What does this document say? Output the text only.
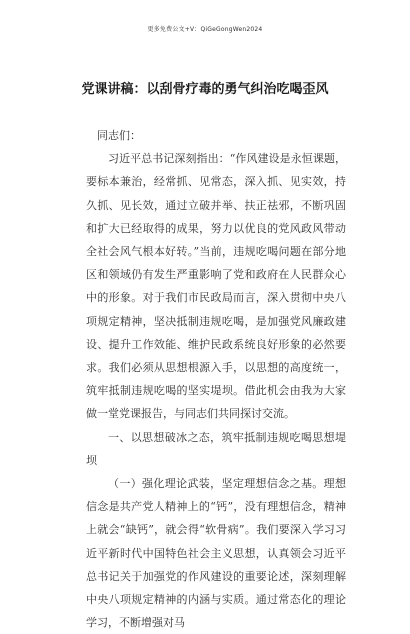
更多免费公文+V：QiGeGongWen2024
党课讲稿：以刮骨疗毒的勇气纠治吃喝歪风

同志们：

习近平总书记深刻指出：“作风建设是永恒课题，要标本兼治，经常抓、见常态，深入抓、见实效，持久抓、见长效，通过立破并举、扶正祛邪，不断巩固和扩大已经取得的成果，努力以优良的党风政风带动全社会风气根本好转。”当前，违规吃喝问题在部分地区和领域仍有发生严重影响了党和政府在人民群众心中的形象。对于我们市民政局而言，深入贯彻中央八项规定精神，坚决抵制违规吃喝，是加强党风廉政建设、提升工作效能、维护民政系统良好形象的必然要求。我们必须从思想根源入手，以思想的高度统一，筑牢抵制违规吃喝的坚实堤坝。借此机会由我为大家做一堂党课报告，与同志们共同探讨交流。

一、以思想破冰之态，筑牢抵制违规吃喝思想堤坝

（一）强化理论武装，坚定理想信念之基。理想信念是共产党人精神上的“钙”，没有理想信念，精神上就会“缺钙”，就会得“软骨病”。我们要深入学习习近平新时代中国特色社会主义思想，认真领会习近平总书记关于加强党的作风建设的重要论述，深刻理解中央八项规定精神的内涵与实质。通过常态化的理论学习，不断增强对马
